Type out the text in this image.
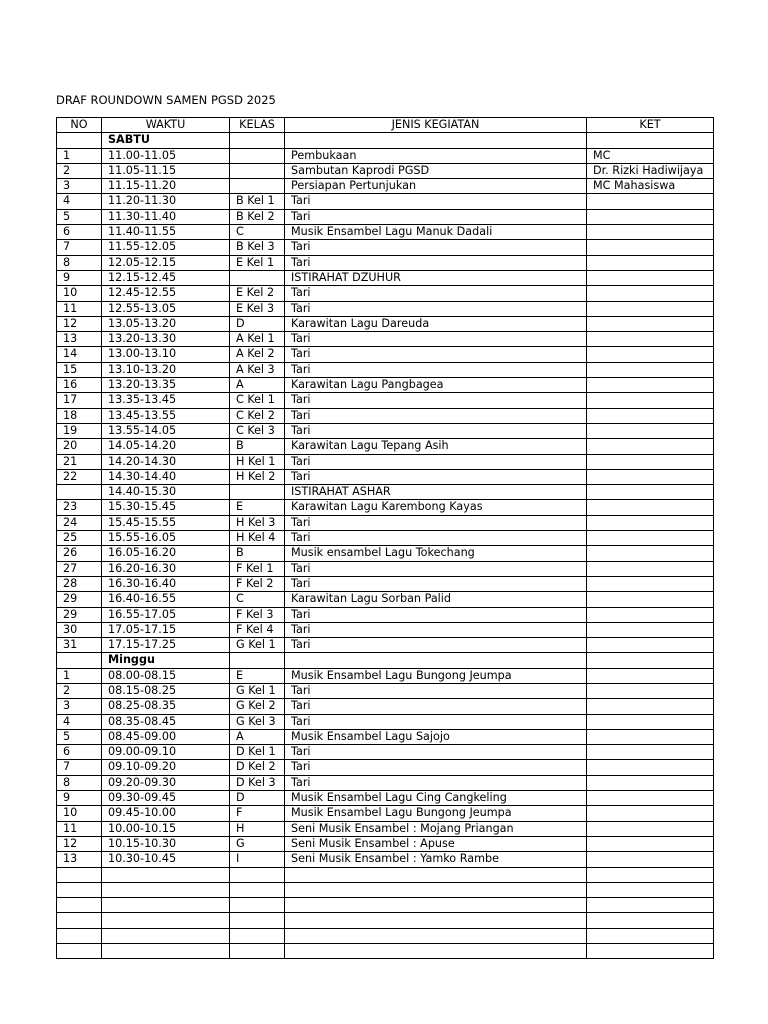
DRAF ROUNDOWN SAMEN PGSD 2025
NO	WAKTU	KELAS	JENIS KEGIATAN	KET
	SABTU			
1	11.00-11.05		Pembukaan	MC
2	11.05-11.15		Sambutan Kaprodi PGSD	Dr. Rizki Hadiwijaya
3	11.15-11.20		Persiapan Pertunjukan	MC Mahasiswa
4	11.20-11.30	B Kel 1	Tari	
5	11.30-11.40	B Kel 2	Tari	
6	11.40-11.55	C	Musik Ensambel Lagu Manuk Dadali	
7	11.55-12.05	B Kel 3	Tari	
8	12.05-12.15	E Kel 1	Tari	
9	12.15-12.45		ISTIRAHAT DZUHUR	
10	12.45-12.55	E Kel 2	Tari	
11	12.55-13.05	E Kel 3	Tari	
12	13.05-13.20	D	Karawitan Lagu Dareuda	
13	13.20-13.30	A Kel 1	Tari	
14	13.00-13.10	A Kel 2	Tari	
15	13.10-13.20	A Kel 3	Tari	
16	13.20-13.35	A	Karawitan Lagu Pangbagea	
17	13.35-13.45	C Kel 1	Tari	
18	13.45-13.55	C Kel 2	Tari	
19	13.55-14.05	C Kel 3	Tari	
20	14.05-14.20	B	Karawitan Lagu Tepang Asih	
21	14.20-14.30	H Kel 1	Tari	
22	14.30-14.40	H Kel 2	Tari	
	14.40-15.30		ISTIRAHAT ASHAR	
23	15.30-15.45	E	Karawitan Lagu Karembong Kayas	
24	15.45-15.55	H Kel 3	Tari	
25	15.55-16.05	H Kel 4	Tari	
26	16.05-16.20	B	Musik ensambel Lagu Tokechang	
27	16.20-16.30	F Kel 1	Tari	
28	16.30-16.40	F Kel 2	Tari	
29	16.40-16.55	C	Karawitan Lagu Sorban Palid	
29	16.55-17.05	F Kel 3	Tari	
30	17.05-17.15	F Kel 4	Tari	
31	17.15-17.25	G Kel 1	Tari	
	Minggu			
1	08.00-08.15	E	Musik Ensambel Lagu Bungong Jeumpa	
2	08.15-08.25	G Kel 1	Tari	
3	08.25-08.35	G Kel 2	Tari	
4	08.35-08.45	G Kel 3	Tari	
5	08.45-09.00	A	Musik Ensambel Lagu Sajojo	
6	09.00-09.10	D Kel 1	Tari	
7	09.10-09.20	D Kel 2	Tari	
8	09.20-09.30	D Kel 3	Tari	
9	09.30-09.45	D	Musik Ensambel Lagu Cing Cangkeling	
10	09.45-10.00	F	Musik Ensambel Lagu Bungong Jeumpa	
11	10.00-10.15	H	Seni Musik Ensambel : Mojang Priangan	
12	10.15-10.30	G	Seni Musik Ensambel : Apuse	
13	10.30-10.45	I	Seni Musik Ensambel : Yamko Rambe	
